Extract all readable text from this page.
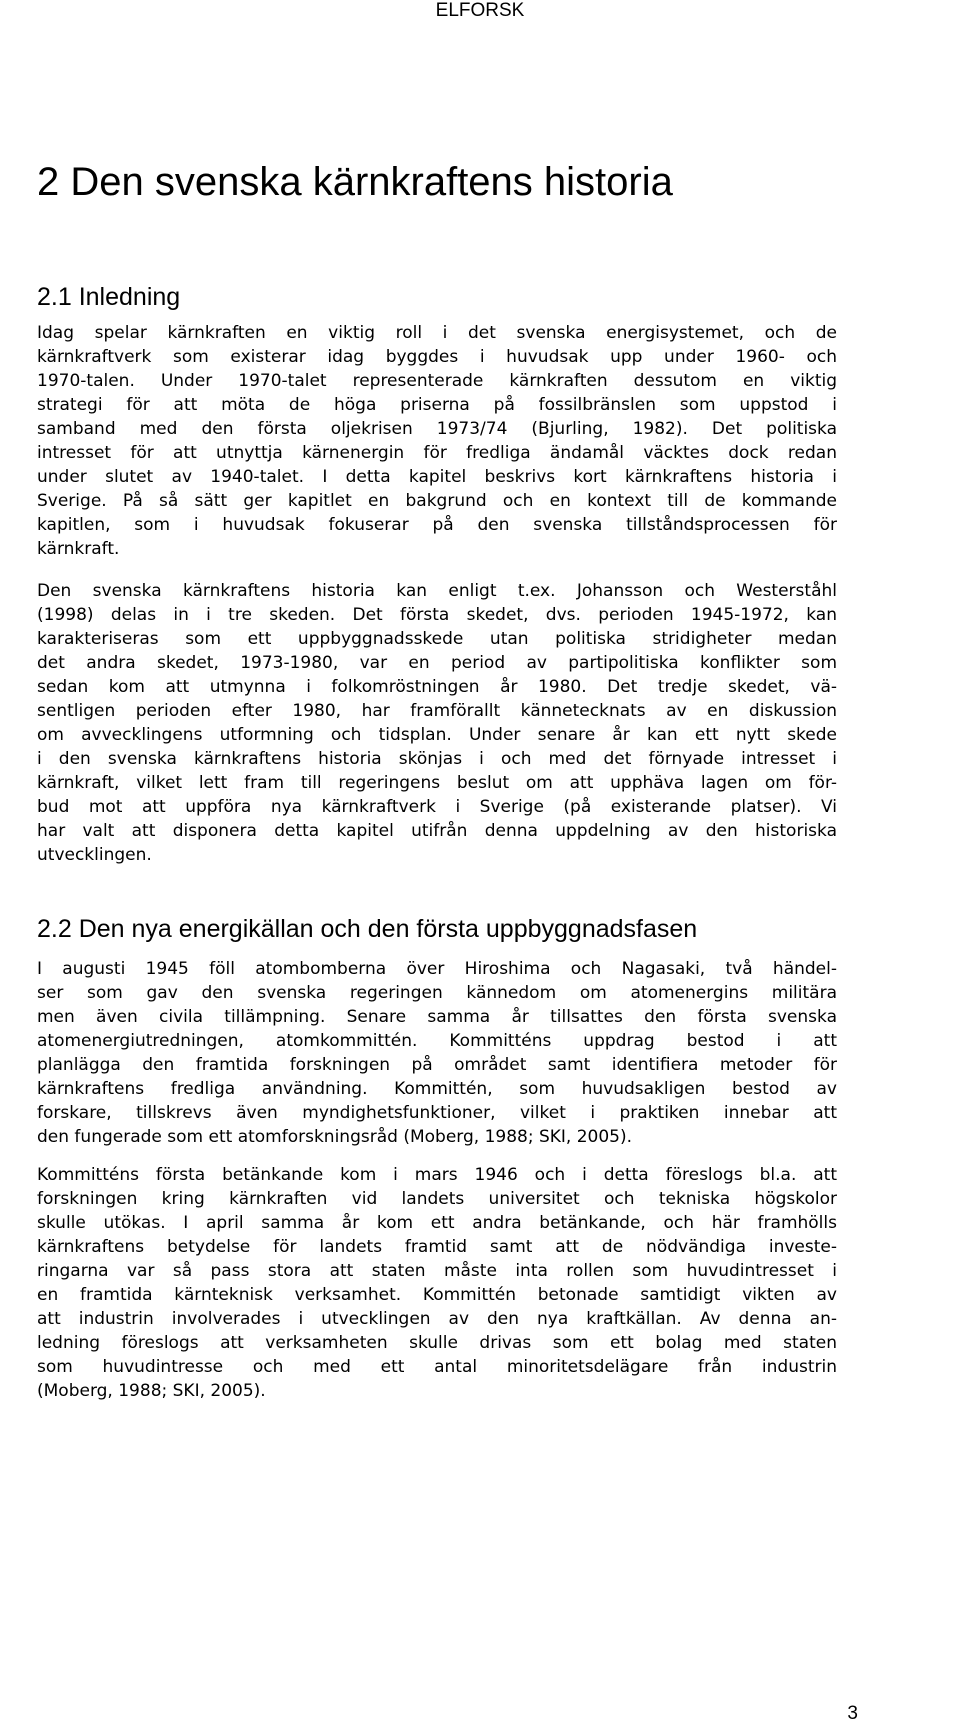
ELFORSK
2 Den svenska kärnkraftens historia
2.1 Inledning
Idag spelar kärnkraften en viktig roll i det svenska energisystemet, och de
kärnkraftverk som existerar idag byggdes i huvudsak upp under 1960- och
1970-talen. Under 1970-talet representerade kärnkraften dessutom en viktig
strategi för att möta de höga priserna på fossilbränslen som uppstod i
samband med den första oljekrisen 1973/74 (Bjurling, 1982). Det politiska
intresset för att utnyttja kärnenergin för fredliga ändamål väcktes dock redan
under slutet av 1940-talet. I detta kapitel beskrivs kort kärnkraftens historia i
Sverige. På så sätt ger kapitlet en bakgrund och en kontext till de kommande
kapitlen, som i huvudsak fokuserar på den svenska tillståndsprocessen för
kärnkraft.
Den svenska kärnkraftens historia kan enligt t.ex. Johansson och Westerståhl
(1998) delas in i tre skeden. Det första skedet, dvs. perioden 1945-1972, kan
karakteriseras som ett uppbyggnadsskede utan politiska stridigheter medan
det andra skedet, 1973-1980, var en period av partipolitiska konflikter som
sedan kom att utmynna i folkomröstningen år 1980. Det tredje skedet, vä-
sentligen perioden efter 1980, har framförallt kännetecknats av en diskussion
om avvecklingens utformning och tidsplan. Under senare år kan ett nytt skede
i den svenska kärnkraftens historia skönjas i och med det förnyade intresset i
kärnkraft, vilket lett fram till regeringens beslut om att upphäva lagen om för-
bud mot att uppföra nya kärnkraftverk i Sverige (på existerande platser). Vi
har valt att disponera detta kapitel utifrån denna uppdelning av den historiska
utvecklingen.
2.2 Den nya energikällan och den första uppbyggnadsfasen
I augusti 1945 föll atombomberna över Hiroshima och Nagasaki, två händel-
ser som gav den svenska regeringen kännedom om atomenergins militära
men även civila tillämpning. Senare samma år tillsattes den första svenska
atomenergiutredningen, atomkommittén. Kommitténs uppdrag bestod i att
planlägga den framtida forskningen på området samt identifiera metoder för
kärnkraftens fredliga användning. Kommittén, som huvudsakligen bestod av
forskare, tillskrevs även myndighetsfunktioner, vilket i praktiken innebar att
den fungerade som ett atomforskningsråd (Moberg, 1988; SKI, 2005).
Kommitténs första betänkande kom i mars 1946 och i detta föreslogs bl.a. att
forskningen kring kärnkraften vid landets universitet och tekniska högskolor
skulle utökas. I april samma år kom ett andra betänkande, och här framhölls
kärnkraftens betydelse för landets framtid samt att de nödvändiga investe-
ringarna var så pass stora att staten måste inta rollen som huvudintresset i
en framtida kärnteknisk verksamhet. Kommittén betonade samtidigt vikten av
att industrin involverades i utvecklingen av den nya kraftkällan. Av denna an-
ledning föreslogs att verksamheten skulle drivas som ett bolag med staten
som huvudintresse och med ett antal minoritetsdelägare från industrin
(Moberg, 1988; SKI, 2005).
3
